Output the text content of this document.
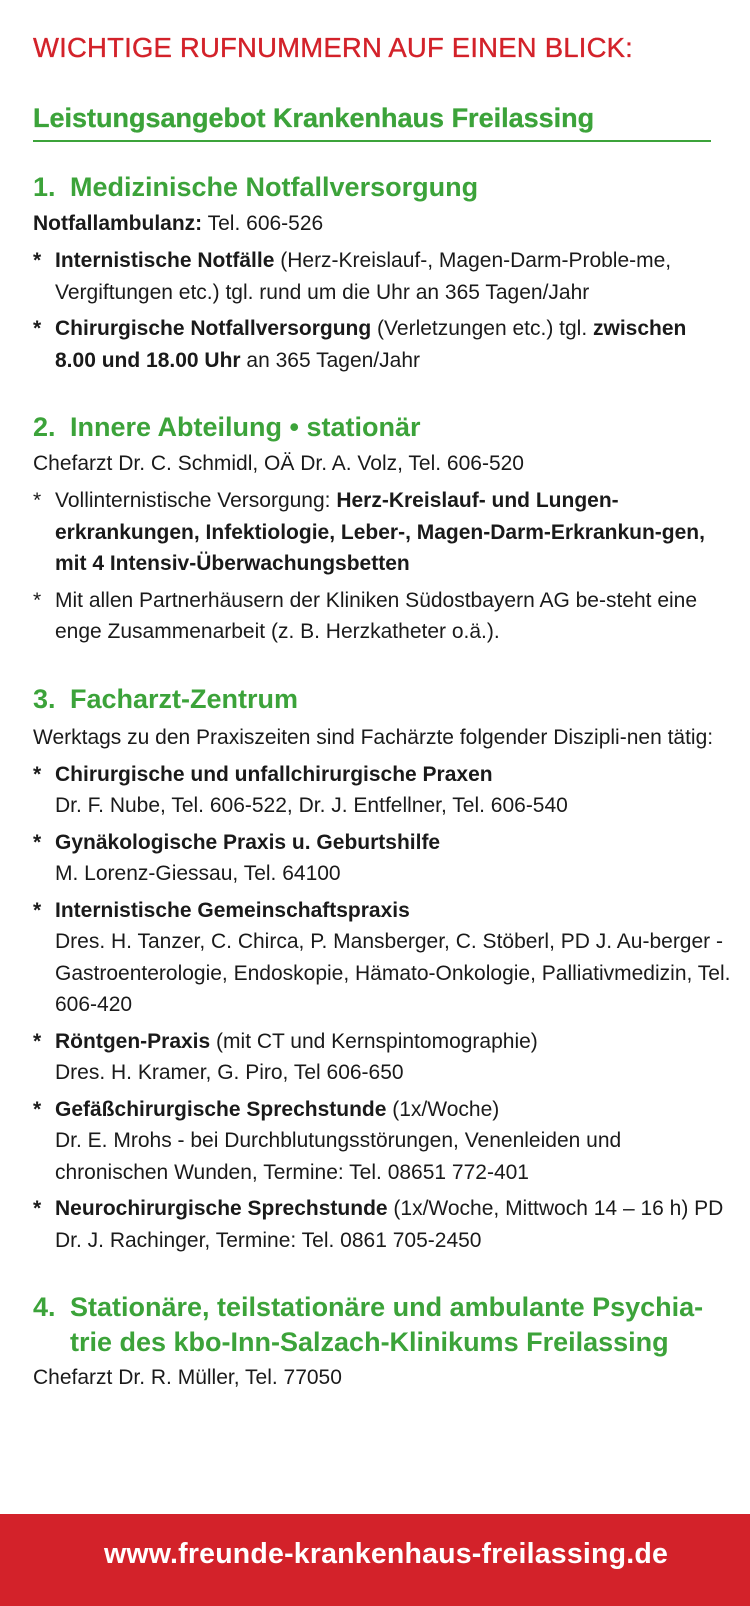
WICHTIGE RUFNUMMERN AUF EINEN BLICK:
Leistungsangebot Krankenhaus Freilassing
1. Medizinische Notfallversorgung

Notfallambulanz: Tel. 606-526

* Internistische Notfälle (Herz-Kreislauf-, Magen-Darm-Proble-me, Vergiftungen etc.) tgl. rund um die Uhr an 365 Tagen/Jahr
* Chirurgische Notfallversorgung (Verletzungen etc.) tgl. zwischen 8.00 und 18.00 Uhr an 365 Tagen/Jahr
2. Innere Abteilung • stationär

Chefarzt Dr. C. Schmidl, OÄ Dr. A. Volz, Tel. 606-520

* Vollinternistische Versorgung: Herz-Kreislauf- und Lungen-erkrankungen, Infektiologie, Leber-, Magen-Darm-Erkrankun-gen, mit 4 Intensiv-Überwachungsbetten
* Mit allen Partnerhäusern der Kliniken Südostbayern AG be-steht eine enge Zusammenarbeit (z. B. Herzkatheter o.ä.).
3. Facharzt-Zentrum

Werktags zu den Praxiszeiten sind Fachärzte folgender Diszipli-nen tätig:

* Chirurgische und unfallchirurgische Praxen
Dr. F. Nube, Tel. 606-522, Dr. J. Entfellner, Tel. 606-540
* Gynäkologische Praxis u. Geburtshilfe
M. Lorenz-Giessau, Tel. 64100
* Internistische Gemeinschaftspraxis
Dres. H. Tanzer, C. Chirca, P. Mansberger, C. Stöberl, PD J. Au-berger - Gastroenterologie, Endoskopie, Hämato-Onkologie, Palliativmedizin, Tel. 606-420
* Röntgen-Praxis (mit CT und Kernspintomographie)
Dres. H. Kramer, G. Piro, Tel 606-650
* Gefäßchirurgische Sprechstunde (1x/Woche)
Dr. E. Mrohs - bei Durchblutungsstörungen, Venenleiden und chronischen Wunden, Termine: Tel. 08651 772-401
* Neurochirurgische Sprechstunde (1x/Woche, Mittwoch 14 – 16 h) PD Dr. J. Rachinger, Termine: Tel. 0861 705-2450
4. Stationäre, teilstationäre und ambulante Psychia-trie des kbo-Inn-Salzach-Klinikums Freilassing

Chefarzt Dr. R. Müller, Tel. 77050

www.freunde-krankenhaus-freilassing.de
